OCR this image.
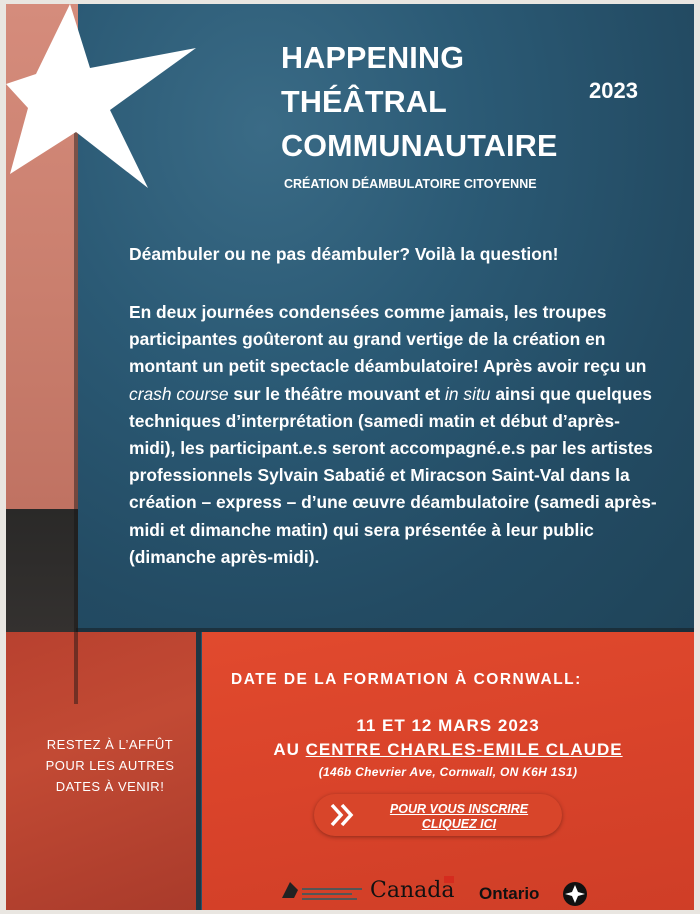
HAPPENING
THÉÂTRAL
COMMUNAUTAIRE
2023
CRÉATION DÉAMBULATOIRE CITOYENNE
Déambuler ou ne pas déambuler? Voilà la question!
En deux journées condensées comme jamais, les troupes participantes goûteront au grand vertige de la création en montant un petit spectacle déambulatoire! Après avoir reçu un crash course sur le théâtre mouvant et in situ ainsi que quelques techniques d’interprétation (samedi matin et début d’après-midi), les participant.e.s seront accompagné.e.s par les artistes professionnels Sylvain Sabatié et Miracson Saint-Val dans la création – express – d’une œuvre déambulatoire (samedi après-midi et dimanche matin) qui sera présentée à leur public (dimanche après-midi).
RESTEZ À L’AFFÛT
POUR LES AUTRES
DATES À VENIR!
DATE DE LA FORMATION À CORNWALL:
11 ET 12 MARS 2023
AU CENTRE CHARLES-EMILE CLAUDE
(146b Chevrier Ave, Cornwall, ON K6H 1S1)
POUR VOUS INSCRIRE
CLIQUEZ ICI
Canada Ontario
